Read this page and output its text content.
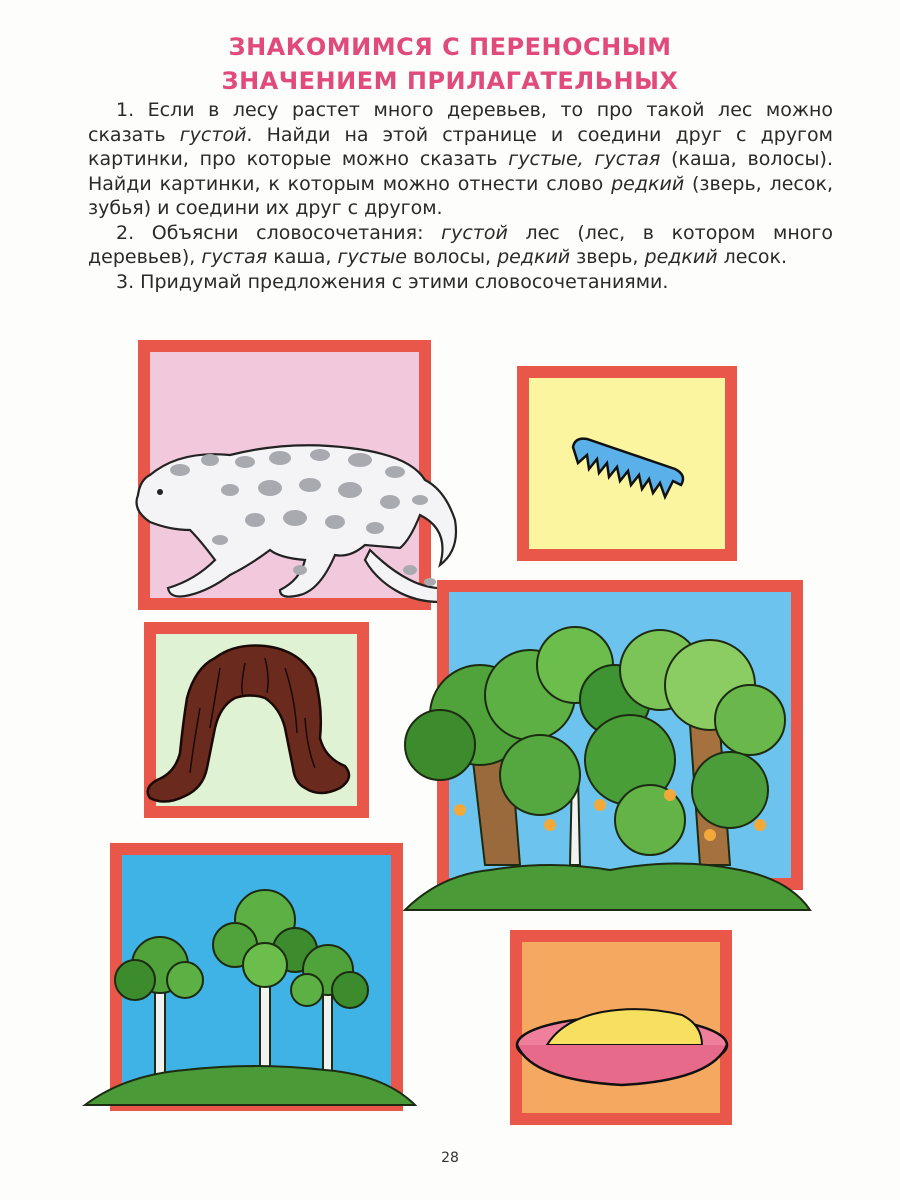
ЗНАКОМИМСЯ С ПЕРЕНОСНЫМ
ЗНАЧЕНИЕМ ПРИЛАГАТЕЛЬНЫХ

1. Если в лесу растет много деревьев, то про такой лес можно сказать густой. Найди на этой странице и соедини друг с другом картинки, про которые можно сказать густые, густая (каша, волосы). Найди картинки, к которым можно отнести слово редкий (зверь, лесок, зубья) и соедини их друг с другом.

2. Объясни словосочетания: густой лес (лес, в котором много деревьев), густая каша, густые волосы, редкий зверь, редкий лесок.

3. Придумай предложения с этими словосочетаниями.

28
